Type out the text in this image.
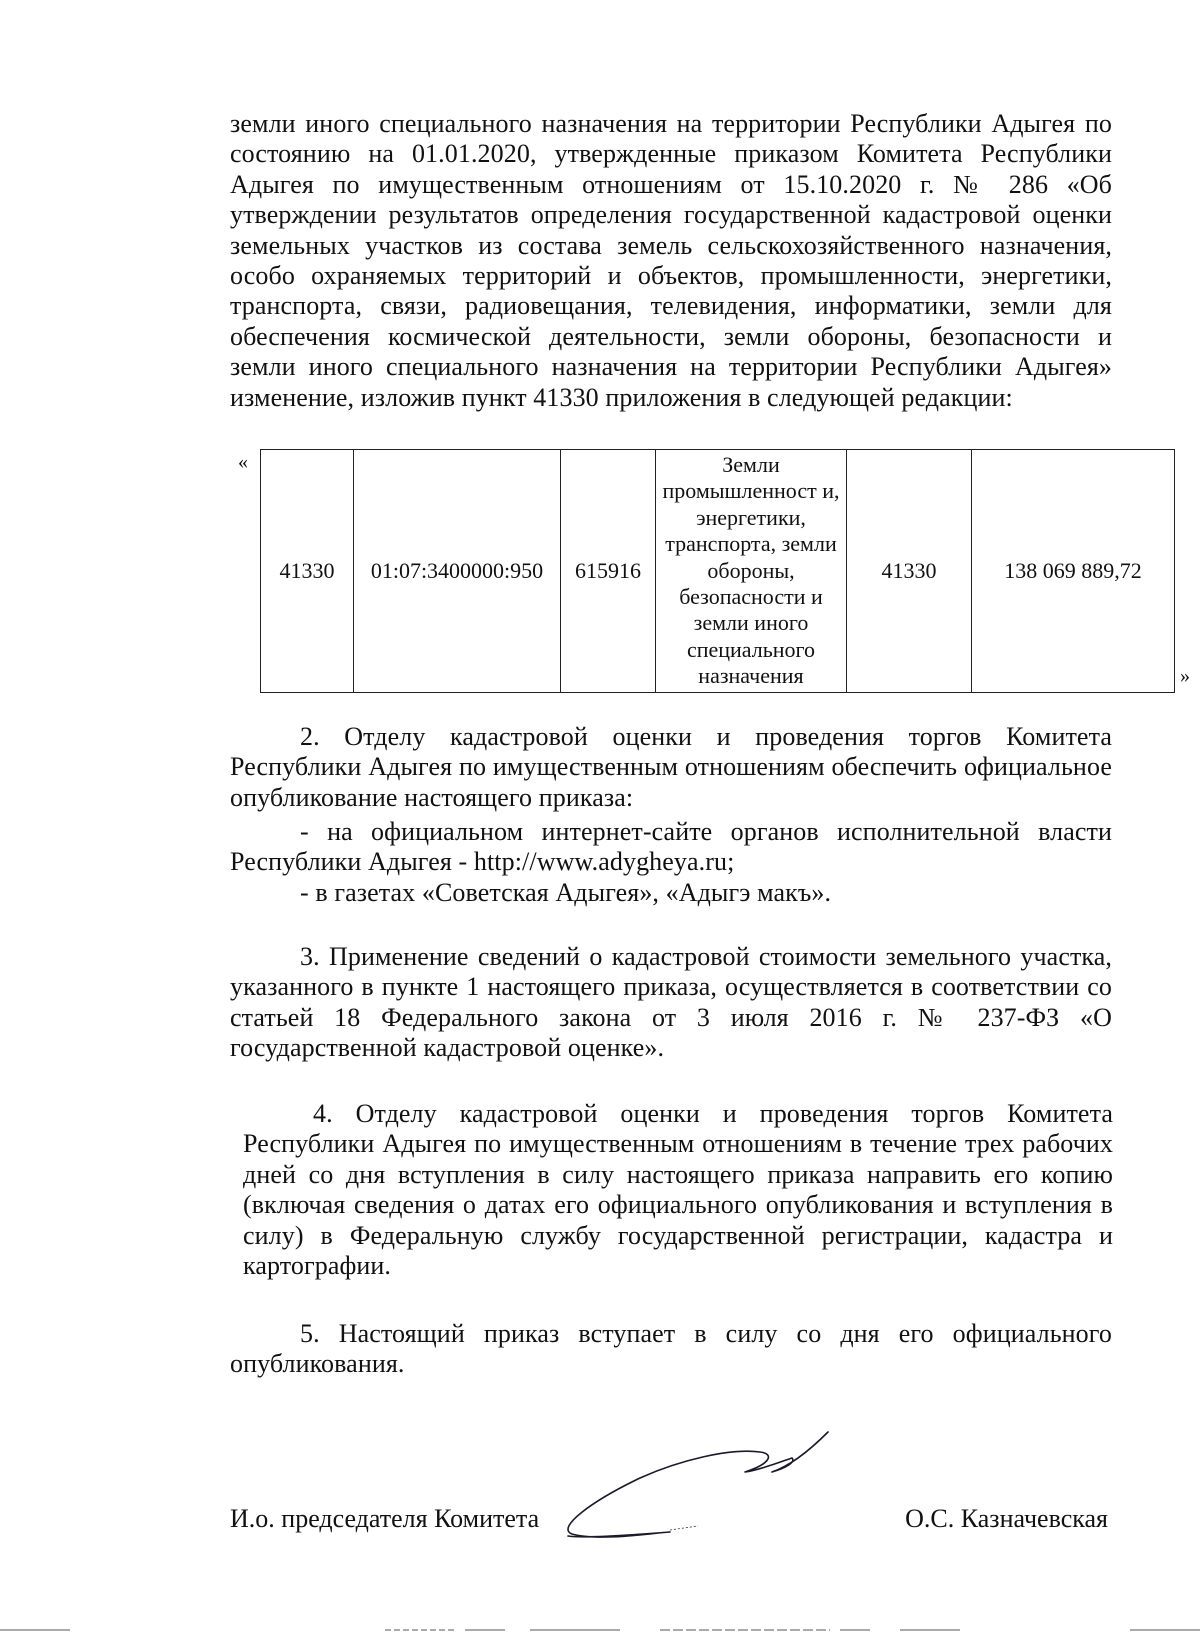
земли иного специального назначения на территории Республики Адыгея по состоянию на 01.01.2020, утвержденные приказом Комитета Республики Адыгея по имущественным отношениям от 15.10.2020 г. № 286 «Об утверждении результатов определения государственной кадастровой оценки земельных участков из состава земель сельскохозяйственного назначения, особо охраняемых территорий и объектов, промышленности, энергетики, транспорта, связи, радиовещания, телевидения, информатики, земли для обеспечения космической деятельности, земли обороны, безопасности и земли иного специального назначения на территории Республики Адыгея» изменение, изложив пункт 41330 приложения в следующей редакции:

«
41330	01:07:3400000:950	615916	Земли промышленност и, энергетики, транспорта, земли обороны, безопасности и земли иного специального назначения	41330	138 069 889,72
»

2. Отделу кадастровой оценки и проведения торгов Комитета Республики Адыгея по имущественным отношениям обеспечить официальное опубликование настоящего приказа:

- на официальном интернет-сайте органов исполнительной власти Республики Адыгея - http://www.adygheya.ru;

- в газетах «Советская Адыгея», «Адыгэ макъ».

3. Применение сведений о кадастровой стоимости земельного участка, указанного в пункте 1 настоящего приказа, осуществляется в соответствии со статьей 18 Федерального закона от 3 июля 2016 г. № 237-ФЗ «О государственной кадастровой оценке».

4. Отделу кадастровой оценки и проведения торгов Комитета Республики Адыгея по имущественным отношениям в течение трех рабочих дней со дня вступления в силу настоящего приказа направить его копию (включая сведения о датах его официального опубликования и вступления в силу) в Федеральную службу государственной регистрации, кадастра и картографии.

5. Настоящий приказ вступает в силу со дня его официального опубликования.

И.о. председателя Комитета	О.С. Казначевская
